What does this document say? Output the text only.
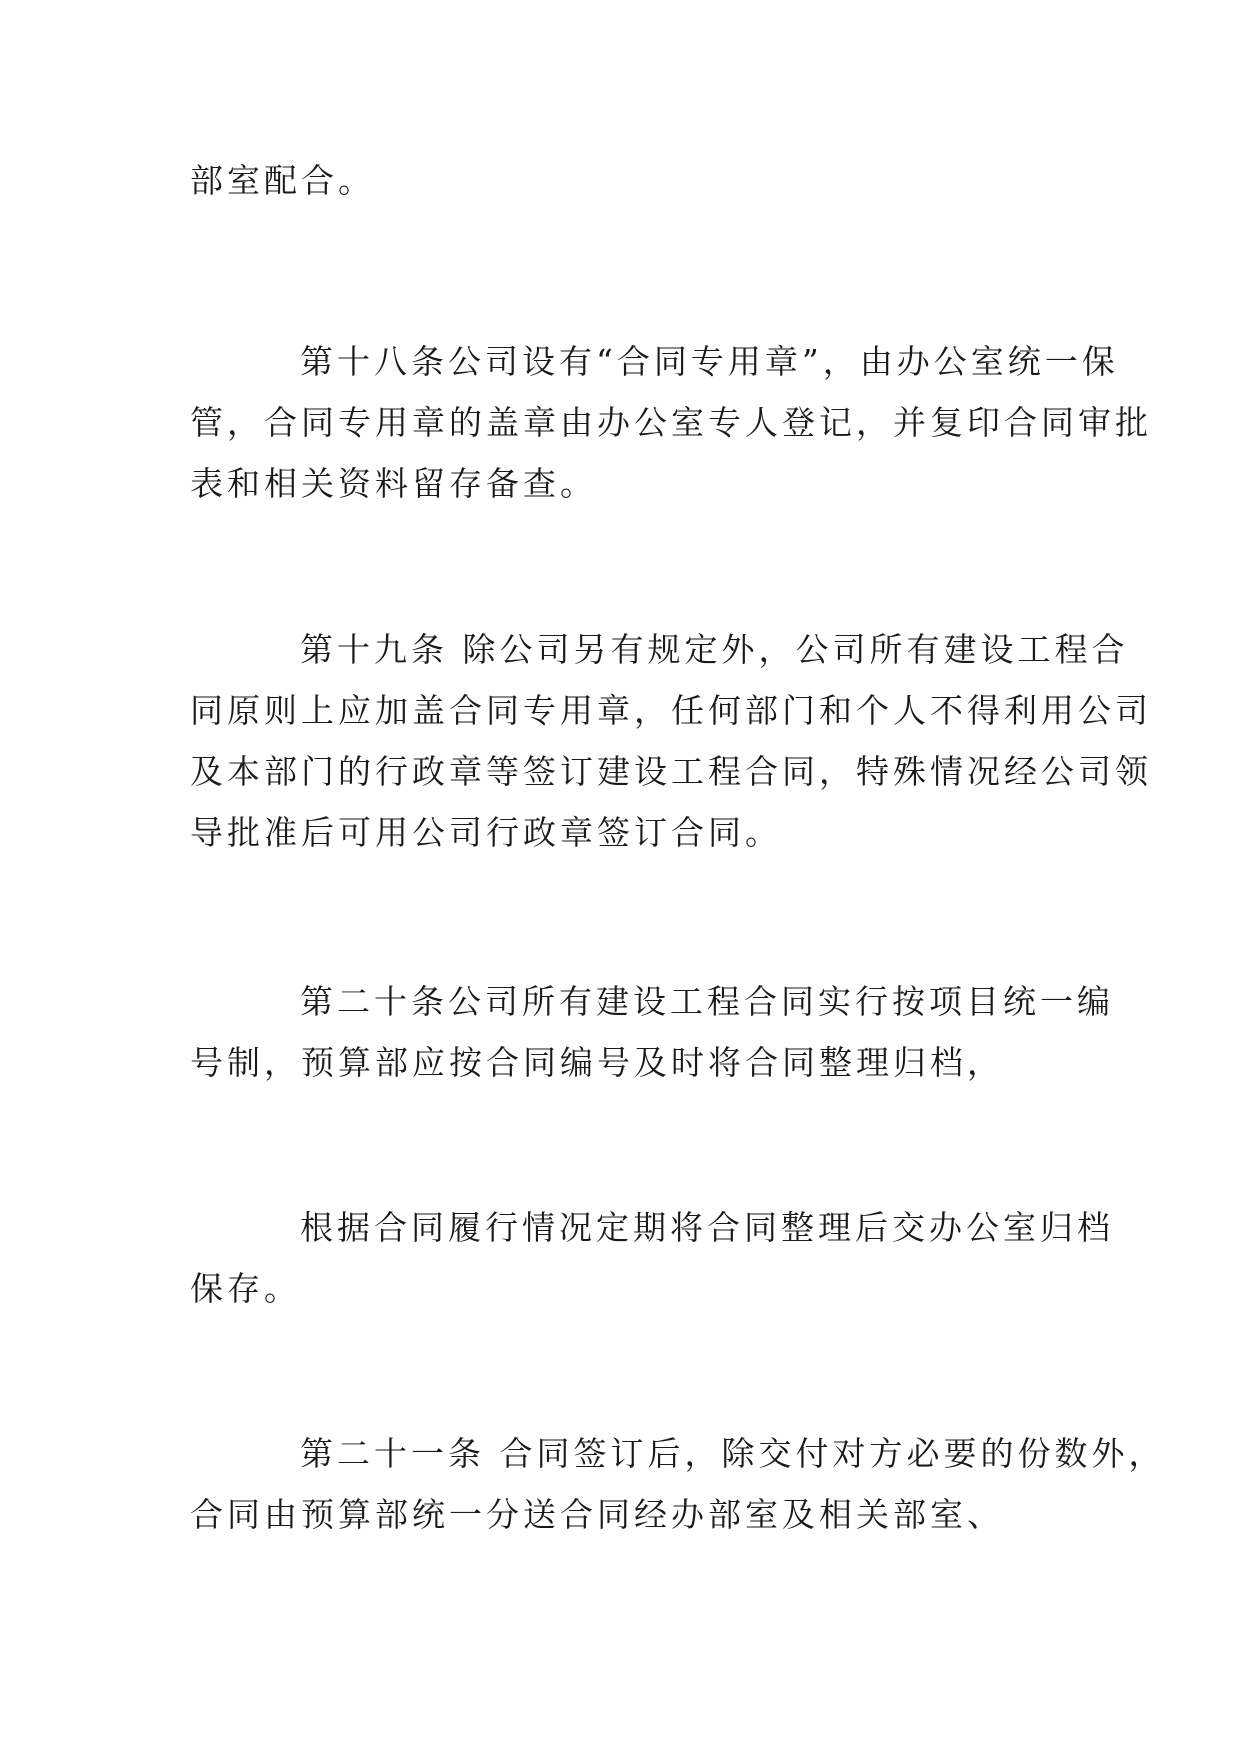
部室配合。

第十八条公司设有“合同专用章”，由办公室统一保
管，合同专用章的盖章由办公室专人登记，并复印合同审批
表和相关资料留存备查。

第十九条 除公司另有规定外，公司所有建设工程合
同原则上应加盖合同专用章，任何部门和个人不得利用公司
及本部门的行政章等签订建设工程合同，特殊情况经公司领
导批准后可用公司行政章签订合同。

第二十条公司所有建设工程合同实行按项目统一编
号制，预算部应按合同编号及时将合同整理归档，

根据合同履行情况定期将合同整理后交办公室归档
保存。

第二十一条 合同签订后，除交付对方必要的份数外，
合同由预算部统一分送合同经办部室及相关部室、
